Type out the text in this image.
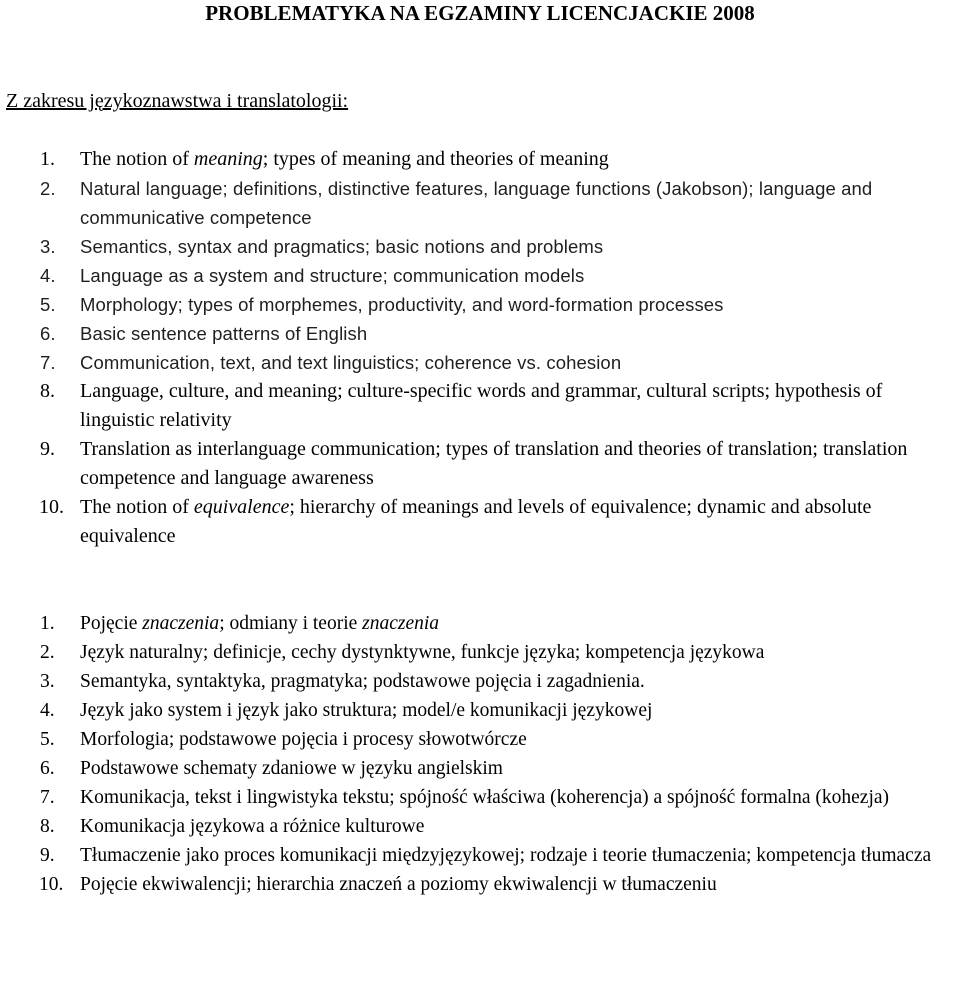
PROBLEMATYKA NA EGZAMINY LICENCJACKIE 2008
Z zakresu językoznawstwa i translatologii:
1.	The notion of meaning; types of meaning and theories of meaning
2.	Natural language; definitions, distinctive features, language functions (Jakobson); language and communicative competence
3.	Semantics, syntax and pragmatics; basic notions and problems
4.	Language as a system and structure; communication models
5.	Morphology; types of morphemes, productivity, and word-formation processes
6.	Basic sentence patterns of English
7.	Communication, text, and text linguistics; coherence vs. cohesion
8.	Language, culture, and meaning; culture-specific words and grammar, cultural scripts; hypothesis of linguistic relativity
9.	Translation as interlanguage communication; types of translation and theories of translation; translation competence and language awareness
10. The notion of equivalence; hierarchy of meanings and levels of equivalence; dynamic and absolute equivalence
1.	Pojęcie znaczenia; odmiany i teorie znaczenia
2.	Język naturalny; definicje, cechy dystynktywne, funkcje języka; kompetencja językowa
3.	Semantyka, syntaktyka, pragmatyka; podstawowe pojęcia i zagadnienia.
4.	Język jako system i język jako struktura; model/e komunikacji językowej
5.	Morfologia; podstawowe pojęcia i procesy słowotwórcze
6.	Podstawowe schematy zdaniowe w języku angielskim
7.	Komunikacja, tekst i lingwistyka tekstu; spójność właściwa (koherencja) a spójność formalna (kohezja)
8.	Komunikacja językowa a różnice kulturowe
9.	Tłumaczenie jako proces komunikacji międzyjęzykowej; rodzaje i teorie tłumaczenia; kompetencja tłumacza
10. Pojęcie ekwiwalencji; hierarchia znaczeń a poziomy ekwiwalencji w tłumaczeniu
